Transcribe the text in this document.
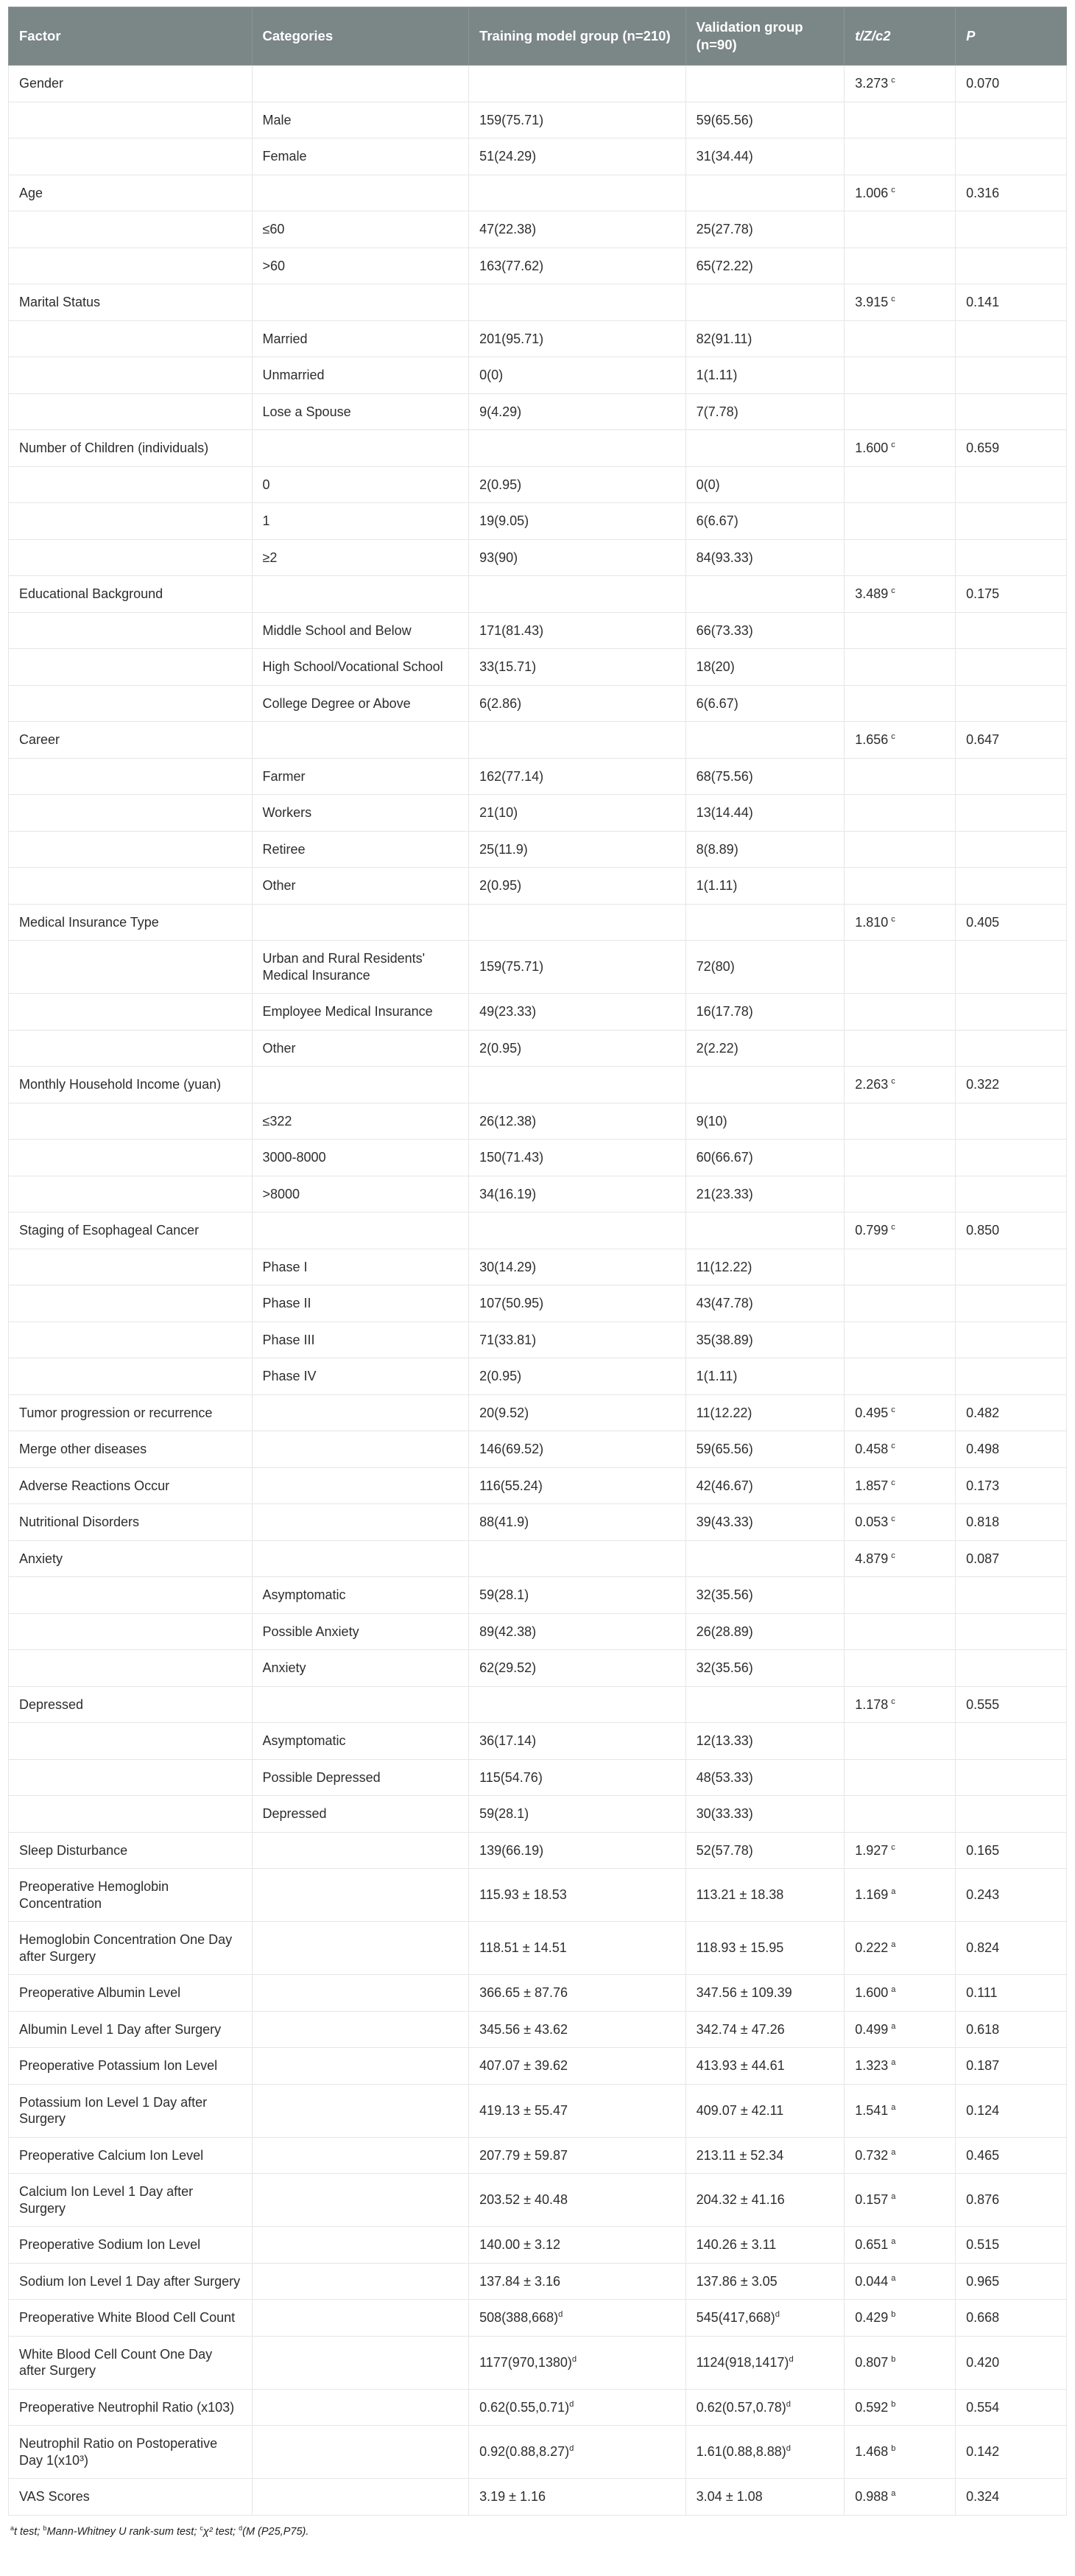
Factor	Categories	Training model group (n=210)	Validation group (n=90)	t/Z/c2	P
Gender				3.273 $^c$	0.070
	Male	159(75.71)	59(65.56)		
	Female	51(24.29)	31(34.44)		
Age				1.006 $^c$	0.316
	≤60	47(22.38)	25(27.78)		
	>60	163(77.62)	65(72.22)		
Marital Status				3.915 $^c$	0.141
	Married	201(95.71)	82(91.11)		
	Unmarried	0(0)	1(1.11)		
	Lose a Spouse	9(4.29)	7(7.78)		
Number of Children (individuals)				1.600 $^c$	0.659
	0	2(0.95)	0(0)		
	1	19(9.05)	6(6.67)		
	≥2	93(90)	84(93.33)		
Educational Background				3.489 $^c$	0.175
	Middle School and Below	171(81.43)	66(73.33)		
	High School/Vocational School	33(15.71)	18(20)		
	College Degree or Above	6(2.86)	6(6.67)		
Career				1.656 $^c$	0.647
	Farmer	162(77.14)	68(75.56)		
	Workers	21(10)	13(14.44)		
	Retiree	25(11.9)	8(8.89)		
	Other	2(0.95)	1(1.11)		
Medical Insurance Type				1.810 $^c$	0.405
	Urban and Rural Residents' Medical Insurance	159(75.71)	72(80)		
	Employee Medical Insurance	49(23.33)	16(17.78)		
	Other	2(0.95)	2(2.22)		
Monthly Household Income (yuan)				2.263 $^c$	0.322
	≤322	26(12.38)	9(10)		
	3000-8000	150(71.43)	60(66.67)		
	>8000	34(16.19)	21(23.33)		
Staging of Esophageal Cancer				0.799 $^c$	0.850
	Phase I	30(14.29)	11(12.22)		
	Phase II	107(50.95)	43(47.78)		
	Phase III	71(33.81)	35(38.89)		
	Phase IV	2(0.95)	1(1.11)		
Tumor progression or recurrence		20(9.52)	11(12.22)	0.495 $^c$	0.482
Merge other diseases		146(69.52)	59(65.56)	0.458 $^c$	0.498
Adverse Reactions Occur		116(55.24)	42(46.67)	1.857 $^c$	0.173
Nutritional Disorders		88(41.9)	39(43.33)	0.053 $^c$	0.818
Anxiety				4.879 $^c$	0.087
	Asymptomatic	59(28.1)	32(35.56)		
	Possible Anxiety	89(42.38)	26(28.89)		
	Anxiety	62(29.52)	32(35.56)		
Depressed				1.178 $^c$	0.555
	Asymptomatic	36(17.14)	12(13.33)		
	Possible Depressed	115(54.76)	48(53.33)		
	Depressed	59(28.1)	30(33.33)		
Sleep Disturbance		139(66.19)	52(57.78)	1.927 $^c$	0.165
Preoperative Hemoglobin Concentration		115.93 ± 18.53	113.21 ± 18.38	1.169 $^a$	0.243
Hemoglobin Concentration One Day after Surgery		118.51 ± 14.51	118.93 ± 15.95	0.222 $^a$	0.824
Preoperative Albumin Level		366.65 ± 87.76	347.56 ± 109.39	1.600 $^a$	0.111
Albumin Level 1 Day after Surgery		345.56 ± 43.62	342.74 ± 47.26	0.499 $^a$	0.618
Preoperative Potassium Ion Level		407.07 ± 39.62	413.93 ± 44.61	1.323 $^a$	0.187
Potassium Ion Level 1 Day after Surgery		419.13 ± 55.47	409.07 ± 42.11	1.541 $^a$	0.124
Preoperative Calcium Ion Level		207.79 ± 59.87	213.11 ± 52.34	0.732 $^a$	0.465
Calcium Ion Level 1 Day after Surgery		203.52 ± 40.48	204.32 ± 41.16	0.157 $^a$	0.876
Preoperative Sodium Ion Level		140.00 ± 3.12	140.26 ± 3.11	0.651 $^a$	0.515
Sodium Ion Level 1 Day after Surgery		137.84 ± 3.16	137.86 ± 3.05	0.044 $^a$	0.965
Preoperative White Blood Cell Count		$508(388,668)^d$	$545(417,668)^d$	0.429 $^b$	0.668
White Blood Cell Count One Day after Surgery		$1177(970,1380)^d$	$1124(918,1417)^d$	0.807 $^b$	0.420
Preoperative Neutrophil Ratio (x103)		$0.62(0.55,0.71)^d$	$0.62(0.57,0.78)^d$	0.592 $^b$	0.554
Neutrophil Ratio on Postoperative Day 1(x10³)		$0.92(0.88,8.27)^d$	$1.61(0.88,8.88)^d$	1.468 $^b$	0.142
VAS Scores		3.19 ± 1.16	3.04 ± 1.08	0.988 $^a$	0.324
$^a$t test; $^b$Mann-Whitney U rank-sum test; $^c$χ² test; $^d$(M (P25,P75).
